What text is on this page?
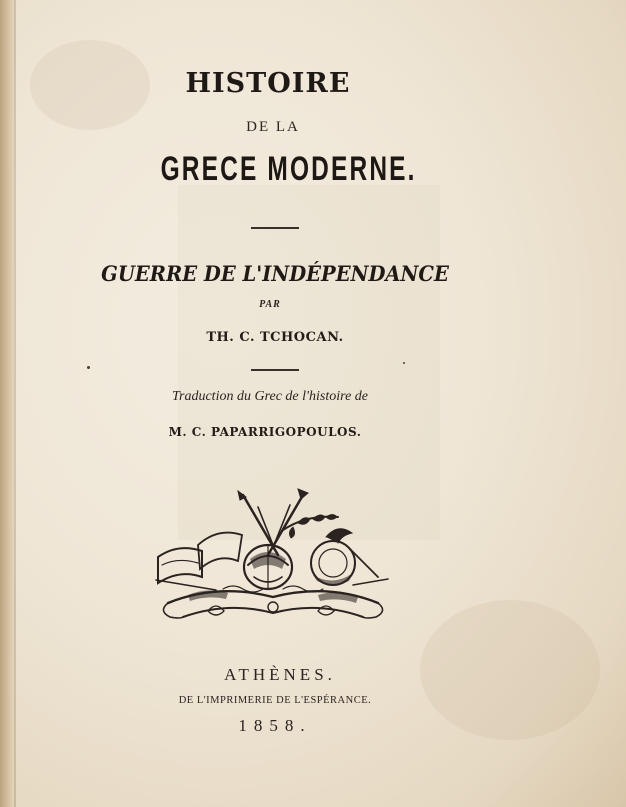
HISTOIRE
DE LA
GRECE MODERNE.
GUERRE DE L'INDÉPENDANCE
PAR
TH. C. TCHOCAN.
Traduction du Grec de l'histoire de
M. C. PAPARRIGOPOULOS.
ATHÈNES.
DE L'IMPRIMERIE DE L'ESPÉRANCE.
1858.
